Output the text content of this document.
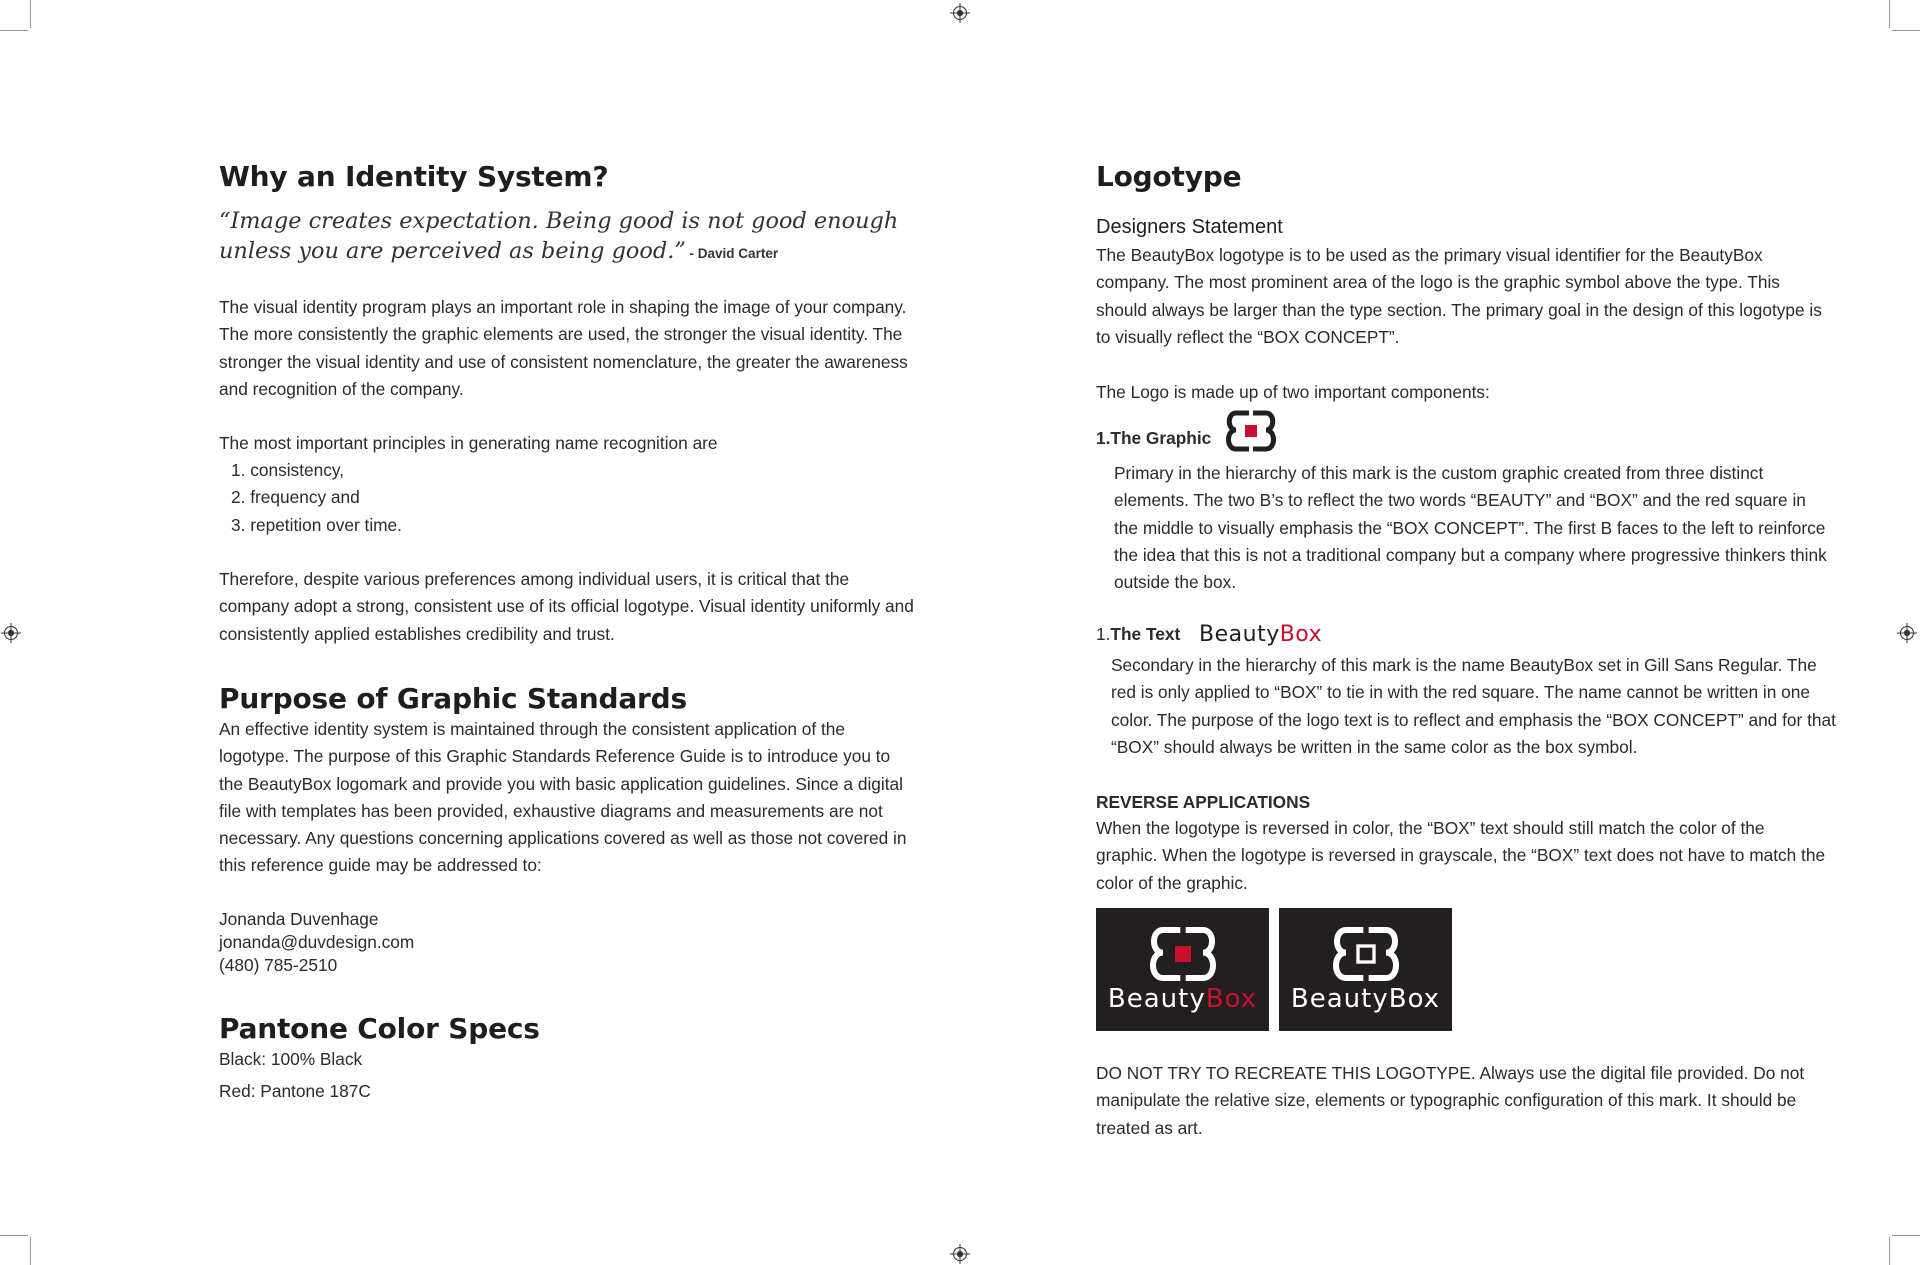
Why an Identity System?

“Image creates expectation. Being good is not good enough unless you are perceived as being good.” - David Carter

The visual identity program plays an important role in shaping the image of your company. The more consistently the graphic elements are used, the stronger the visual identity. The stronger the visual identity and use of consistent nomenclature, the greater the awareness and recognition of the company.

The most important principles in generating name recognition are

1. consistency,
2. frequency and
3. repetition over time.

Therefore, despite various preferences among individual users, it is critical that the company adopt a strong, consistent use of its official logotype. Visual identity uniformly and consistently applied establishes credibility and trust.

Purpose of Graphic Standards

An effective identity system is maintained through the consistent application of the logotype. The purpose of this Graphic Standards Reference Guide is to introduce you to the BeautyBox logomark and provide you with basic application guidelines. Since a digital file with templates has been provided, exhaustive diagrams and measurements are not necessary. Any questions concerning applications covered as well as those not covered in this reference guide may be addressed to:

Jonanda Duvenhage
jonanda@duvdesign.com
(480) 785-2510
Pantone Color Specs
Black: 100% Black
Red: Pantone 187C
Logotype
Designers Statement

The BeautyBox logotype is to be used as the primary visual identifier for the BeautyBox company. The most prominent area of the logo is the graphic symbol above the type. This should always be larger than the type section. The primary goal in the design of this logotype is to visually reflect the “BOX CONCEPT”.

The Logo is made up of two important components:

1.The Graphic

Primary in the hierarchy of this mark is the custom graphic created from three distinct elements. The two B’s to reflect the two words “BEAUTY” and “BOX” and the red square in the middle to visually emphasis the “BOX CONCEPT”. The first B faces to the left to reinforce the idea that this is not a traditional company but a company where progressive thinkers think outside the box.

1.The Text BeautyBox

Secondary in the hierarchy of this mark is the name BeautyBox set in Gill Sans Regular. The red is only applied to “BOX” to tie in with the red square. The name cannot be written in one color. The purpose of the logo text is to reflect and emphasis the “BOX CONCEPT” and for that “BOX” should always be written in the same color as the box symbol.

REVERSE APPLICATIONS

When the logotype is reversed in color, the “BOX” text should still match the color of the graphic. When the logotype is reversed in grayscale, the “BOX” text does not have to match the color of the graphic.

BeautyBox BeautyBox

DO NOT TRY TO RECREATE THIS LOGOTYPE. Always use the digital file provided. Do not manipulate the relative size, elements or typographic configuration of this mark. It should be treated as art.
